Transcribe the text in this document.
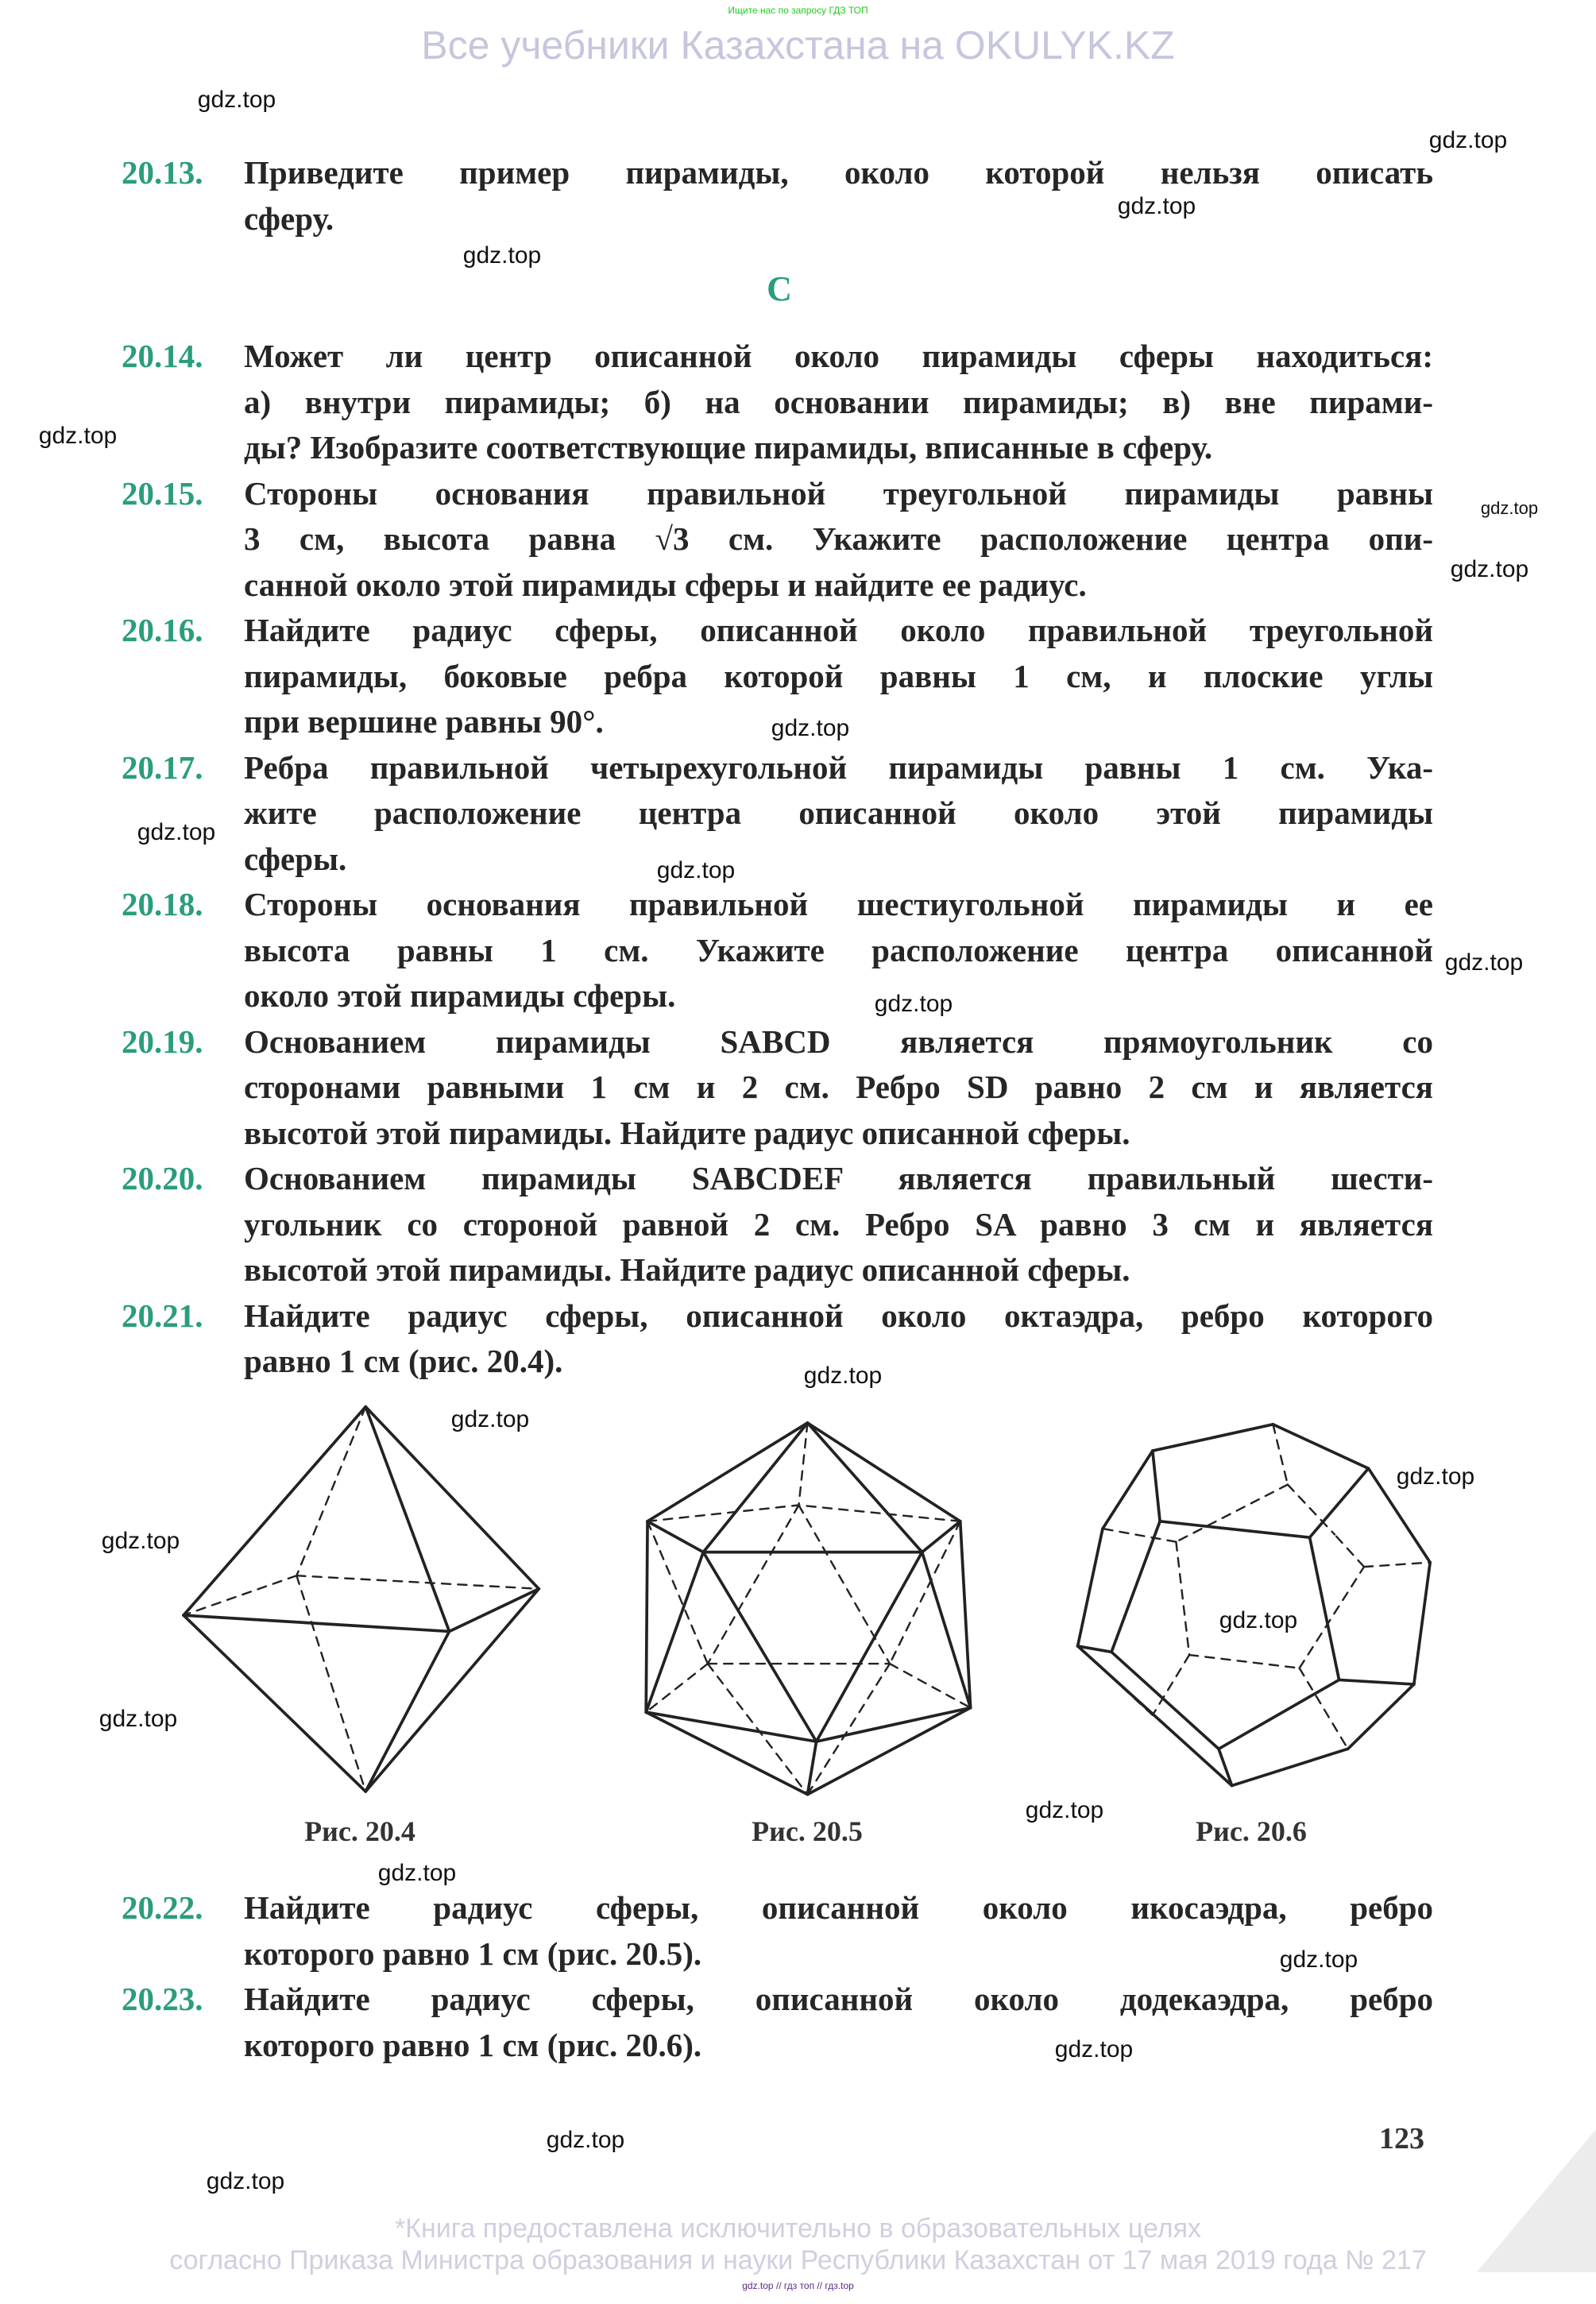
Ищите нас по запросу ГДЗ ТОП
Все учебники Казахстана на OKULYK.KZ
20.13. Приведите пример пирамиды, около которой нельзя описать
сферу.
C
20.14. Может ли центр описанной около пирамиды сферы находиться:
а) внутри пирамиды; б) на основании пирамиды; в) вне пирами-
ды? Изобразите соответствующие пирамиды, вписанные в сферу.
20.15. Стороны основания правильной треугольной пирамиды равны
3 см, высота равна √3 см. Укажите расположение центра опи-
санной около этой пирамиды сферы и найдите ее радиус.
20.16. Найдите радиус сферы, описанной около правильной треугольной
пирамиды, боковые ребра которой равны 1 см, и плоские углы
при вершине равны 90°.
20.17. Ребра правильной четырехугольной пирамиды равны 1 см. Ука-
жите расположение центра описанной около этой пирамиды
сферы.
20.18. Стороны основания правильной шестиугольной пирамиды и ее
высота равны 1 см. Укажите расположение центра описанной
около этой пирамиды сферы.
20.19. Основанием пирамиды SABCD является прямоугольник со
сторонами равными 1 см и 2 см. Ребро SD равно 2 см и является
высотой этой пирамиды. Найдите радиус описанной сферы.
20.20. Основанием пирамиды SABCDEF является правильный шести-
угольник со стороной равной 2 см. Ребро SA равно 3 см и является
высотой этой пирамиды. Найдите радиус описанной сферы.
20.21. Найдите радиус сферы, описанной около октаэдра, ребро которого
равно 1 см (рис. 20.4).
20.22. Найдите радиус сферы, описанной около икосаэдра, ребро
которого равно 1 см (рис. 20.5).
20.23. Найдите радиус сферы, описанной около додекаэдра, ребро
которого равно 1 см (рис. 20.6).
Рис. 20.4	Рис. 20.5	Рис. 20.6
123
gdz.top
gdz.top
gdz.top
gdz.top
gdz.top
gdz.top
gdz.top
gdz.top
gdz.top
gdz.top
gdz.top
gdz.top
gdz.top
gdz.top
gdz.top
gdz.top
gdz.top
gdz.top
gdz.top
gdz.top
gdz.top
gdz.top
gdz.top
gdz.top
*Книга предоставлена исключительно в образовательных целях
согласно Приказа Министра образования и науки Республики Казахстан от 17 мая 2019 года № 217
gdz.top // гдз топ // гдз.top
